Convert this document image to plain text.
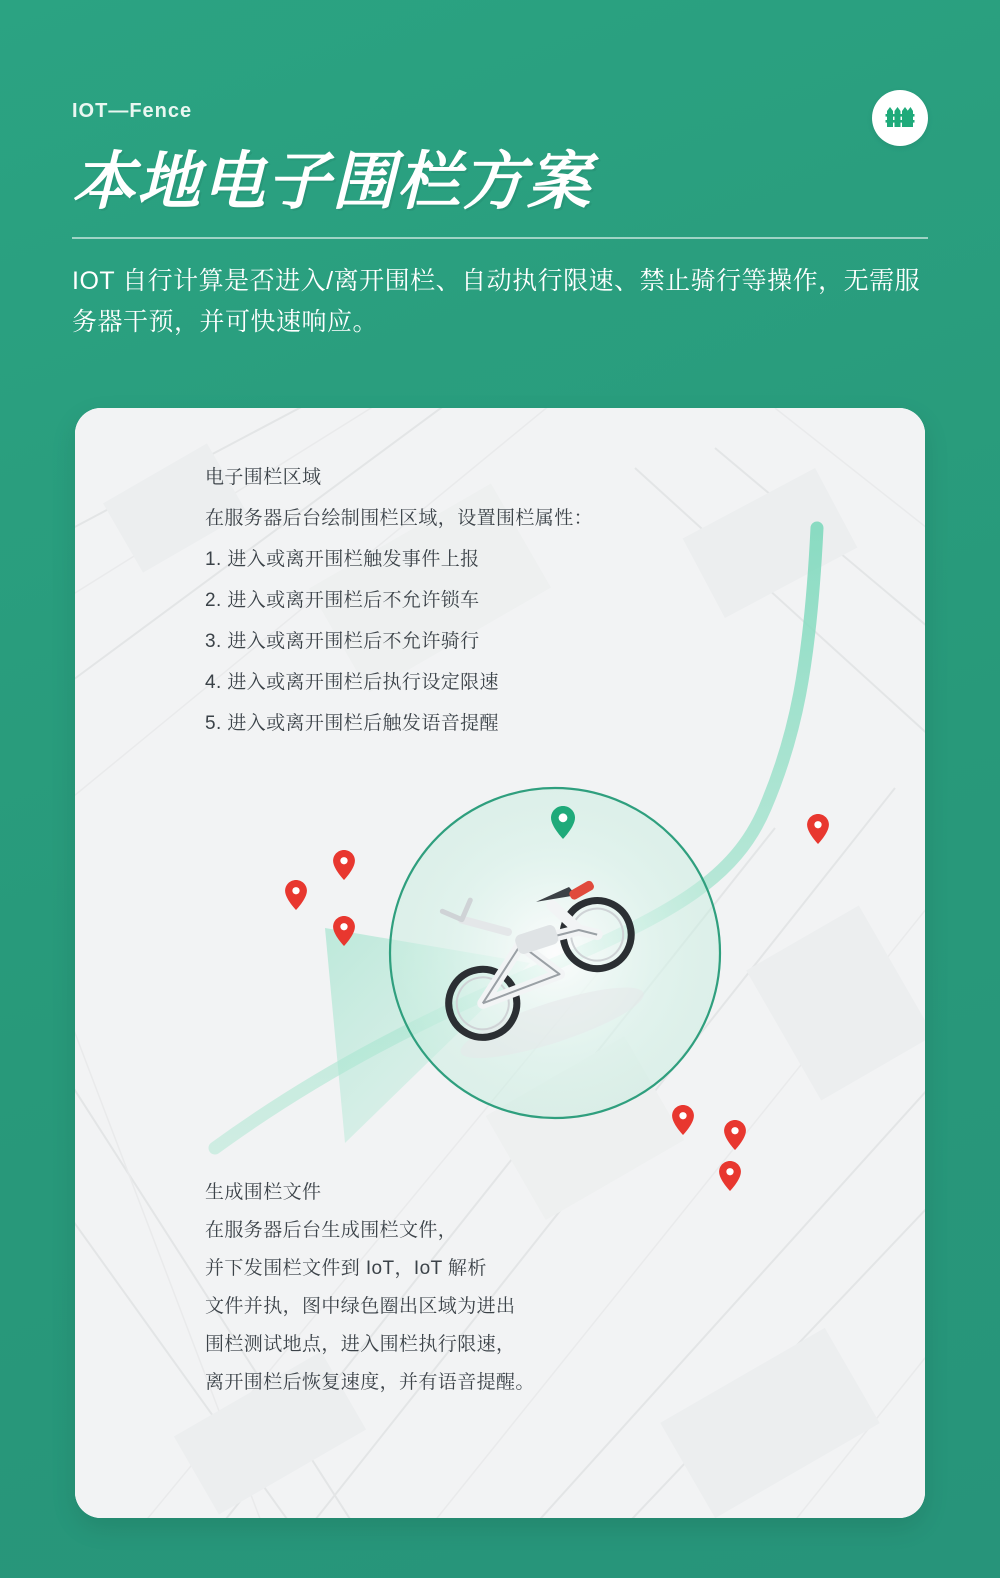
IOT—Fence
本地电子围栏方案
IOT 自行计算是否进入/离开围栏、自动执行限速、禁止骑行等操作，无需服务器干预，并可快速响应。

电子围栏区域

在服务器后台绘制围栏区域，设置围栏属性：

1. 进入或离开围栏触发事件上报

2. 进入或离开围栏后不允许锁车

3. 进入或离开围栏后不允许骑行

4. 进入或离开围栏后执行设定限速

5. 进入或离开围栏后触发语音提醒

生成围栏文件

在服务器后台生成围栏文件，

并下发围栏文件到 IoT，IoT 解析

文件并执，图中绿色圈出区域为进出

围栏测试地点，进入围栏执行限速，

离开围栏后恢复速度，并有语音提醒。
